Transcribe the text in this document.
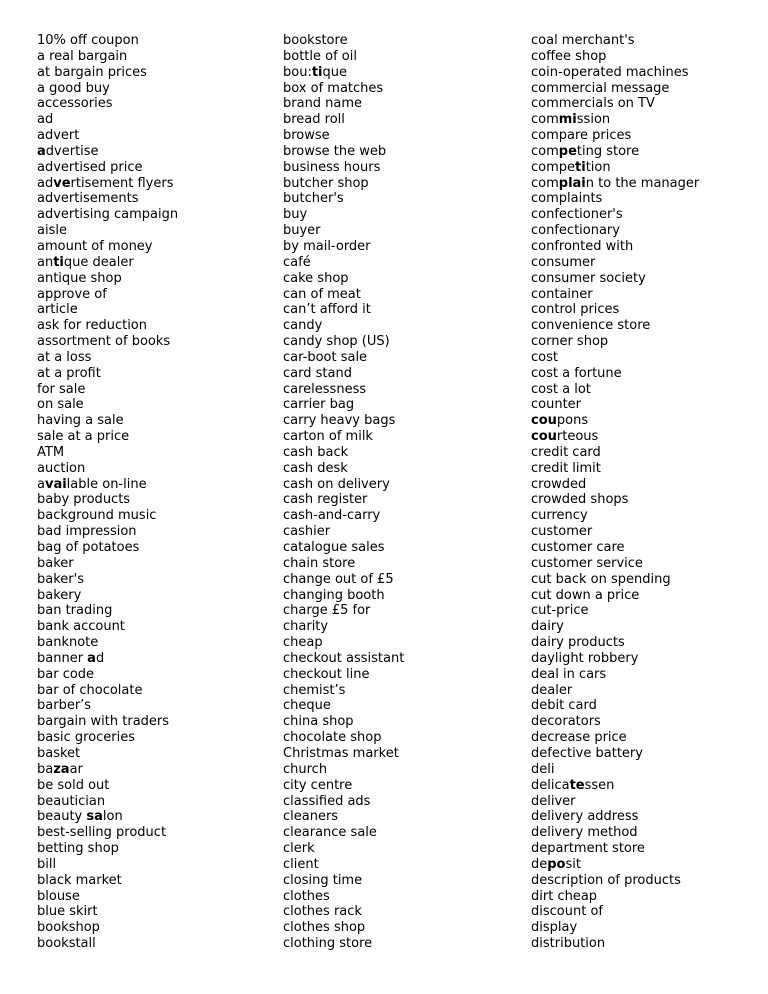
10% off coupon
a real bargain
at bargain prices
a good buy
accessories
ad
advert
advertise
advertised price
advertisement flyers
advertisements
advertising campaign
aisle
amount of money
antique dealer
antique shop
approve of
article
ask for reduction
assortment of books
at a loss
at a profit
for sale
on sale
having a sale
sale at a price
ATM
auction
available on-line
baby products
background music
bad impression
bag of potatoes
baker
baker's
bakery
ban trading
bank account
banknote
banner ad
bar code
bar of chocolate
barber’s
bargain with traders
basic groceries
basket
bazaar
be sold out
beautician
beauty salon
best-selling product
betting shop
bill
black market
blouse
blue skirt
bookshop
bookstall
bookstore
bottle of oil
bou:tique
box of matches
brand name
bread roll
browse
browse the web
business hours
butcher shop
butcher's
buy
buyer
by mail-order
café
cake shop
can of meat
can’t afford it
candy
candy shop (US)
car-boot sale
card stand
carelessness
carrier bag
carry heavy bags
carton of milk
cash back
cash desk
cash on delivery
cash register
cash-and-carry
cashier
catalogue sales
chain store
change out of £5
changing booth
charge £5 for
charity
cheap
checkout assistant
checkout line
chemist’s
cheque
china shop
chocolate shop
Christmas market
church
city centre
classified ads
cleaners
clearance sale
clerk
client
closing time
clothes
clothes rack
clothes shop
clothing store
coal merchant's
coffee shop
coin-operated machines
commercial message
commercials on TV
commission
compare prices
competing store
competition
complain to the manager
complaints
confectioner's
confectionary
confronted with
consumer
consumer society
container
control prices
convenience store
corner shop
cost
cost a fortune
cost a lot
counter
coupons
courteous
credit card
credit limit
crowded
crowded shops
currency
customer
customer care
customer service
cut back on spending
cut down a price
cut-price
dairy
dairy products
daylight robbery
deal in cars
dealer
debit card
decorators
decrease price
defective battery
deli
delicatessen
deliver
delivery address
delivery method
department store
deposit
description of products
dirt cheap
discount of
display
distribution
